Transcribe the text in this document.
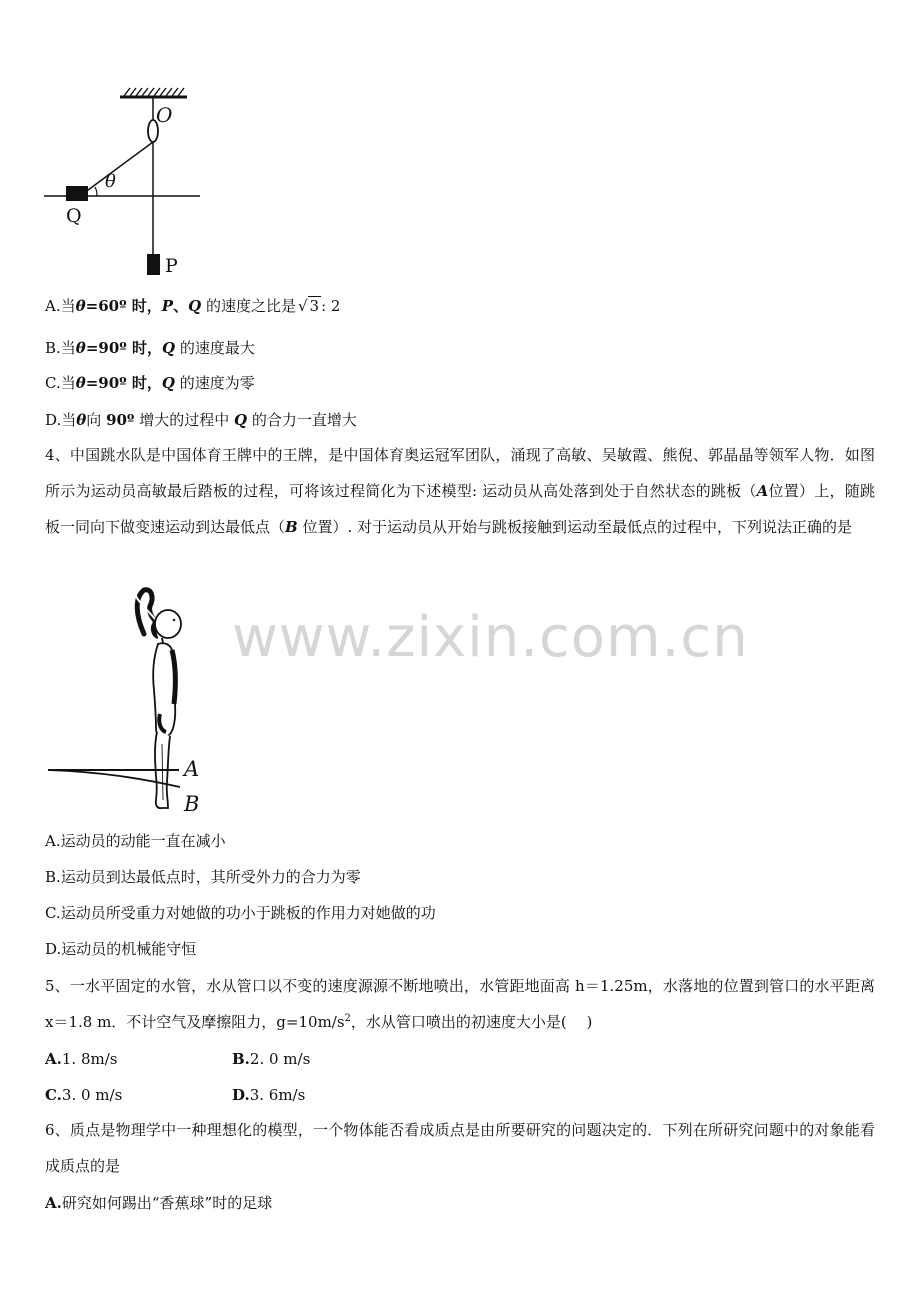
O
θ
Q
P
A.当θ=60º 时，P、Q 的速度之比是 √ 3 : 2
B.当θ=90º 时，Q 的速度最大
C.当θ=90º 时，Q 的速度为零
D.当θ向 90º 增大的过程中 Q 的合力一直增大
4、中国跳水队是中国体育王牌中的王牌，是中国体育奥运冠军团队，涌现了高敏、吴敏霞、熊倪、郭晶晶等领军人物．如图所示为运动员高敏最后踏板的过程，可将该过程简化为下述模型: 运动员从高处落到处于自然状态的跳板（A位置）上，随跳板一同向下做变速运动到达最低点（B 位置）. 对于运动员从开始与跳板接触到运动至最低点的过程中，下列说法正确的是
A
B
A.运动员的动能一直在减小
B.运动员到达最低点时，其所受外力的合力为零
C.运动员所受重力对她做的功小于跳板的作用力对她做的功
D.运动员的机械能守恒
5、一水平固定的水管，水从管口以不变的速度源源不断地喷出，水管距地面高 h＝1.25m，水落地的位置到管口的水平距离 x＝1.8 m．不计空气及摩擦阻力，$g=10m/s^2$，水从管口喷出的初速度大小是(　 )
A.1. 8m/s	B.2. 0 m/s
C.3. 0 m/s	D.3. 6m/s
6、质点是物理学中一种理想化的模型，一个物体能否看成质点是由所要研究的问题决定的．下列在所研究问题中的对象能看成质点的是
A.研究如何踢出“香蕉球”时的足球
www.zixin.com.cn
